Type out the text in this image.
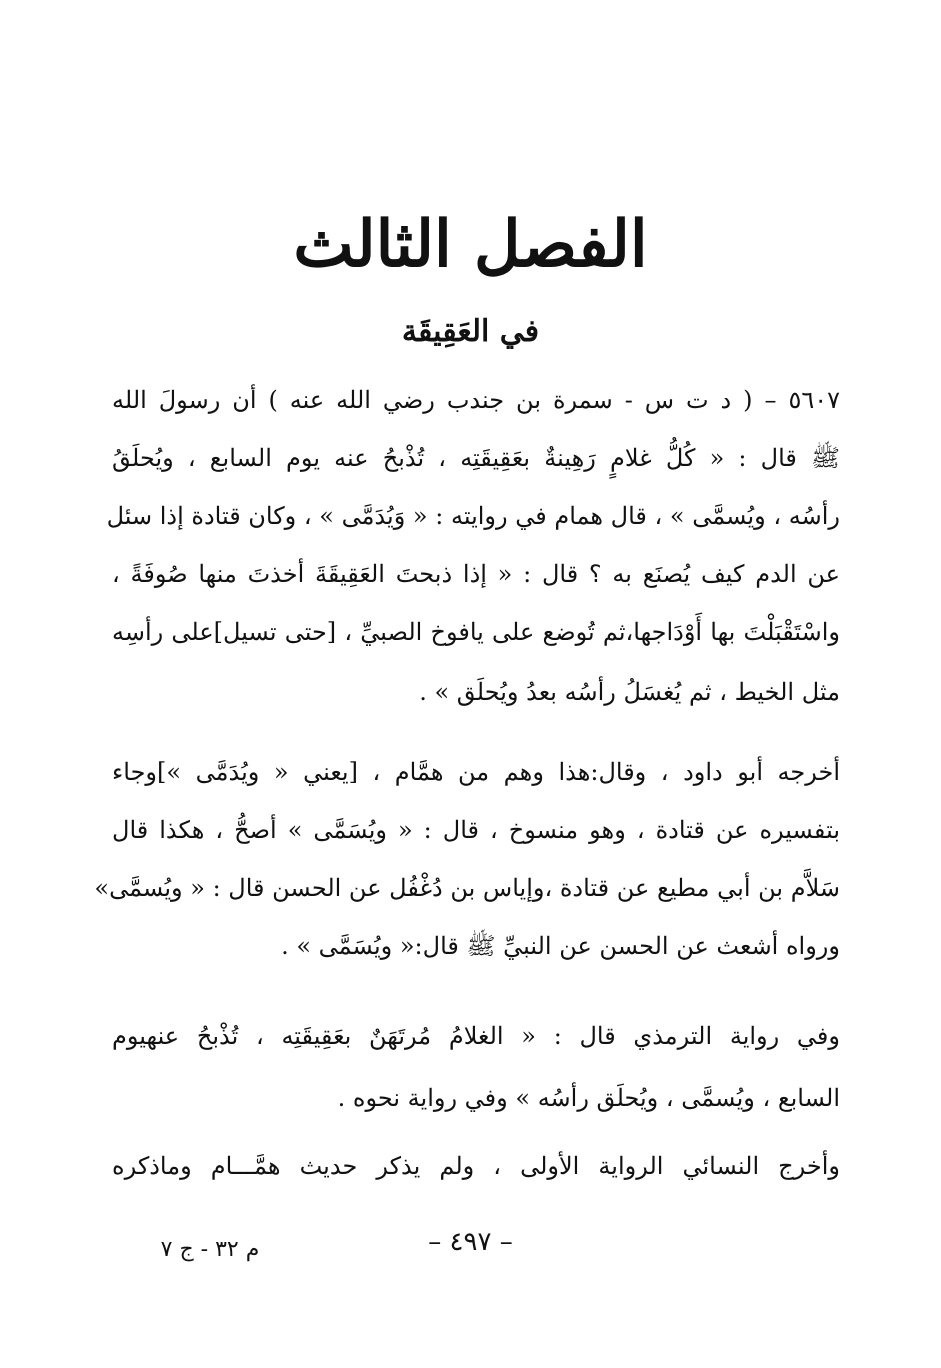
الفصل الثالث
في العَقِيقَة
٥٦٠٧ – ( د ت س - سمرة بن جندب رضي الله عنه ) أن رسولَ الله
ﷺ قال : « كُلُّ غلامٍ رَهِينةٌ بعَقِيقَتِه ، تُذْبحُ عنه يوم السابع ، ويُحلَقُ
رأسُه ، ويُسمَّى » ، قال همام في روايته : « وَيُدَمَّى » ، وكان قتادة إذا سئل
عن الدم كيف يُصنَع به ؟ قال : « إذا ذبحتَ العَقِيقَةَ أخذتَ منها صُوفَةً ،
واسْتَقْبَلْتَ بها أَوْدَاجها،ثم تُوضع على يافوخ الصبيِّ ، [حتى تسيل]على رأسِه
مثل الخيط ، ثم يُغسَلُ رأسُه بعدُ ويُحلَق » .
أخرجه أبو داود ، وقال:هذا وهم من همَّام ، [يعني « ويُدَمَّى »]وجاء
بتفسيره عن قتادة ، وهو منسوخ ، قال : « ويُسَمَّى » أصحُّ ، هكذا قال
سَلاَّم بن أبي مطيع عن قتادة ،وإياس بن دُغْفُل عن الحسن قال : « ويُسمَّى»
ورواه أشعث عن الحسن عن النبيِّ ﷺ قال:« ويُسَمَّى » .
وفي رواية الترمذي قال : « الغلامُ مُرتَهَنٌ بعَقِيقَتِه ، تُذْبحُ عنهيوم
السابع ، ويُسمَّى ، ويُحلَق رأسُه » وفي رواية نحوه .
وأخرج النسائي الرواية الأولى ، ولم يذكر حديث همَّـــام وماذكره
– ٤٩٧ –
م ٣٢ - ج ٧
